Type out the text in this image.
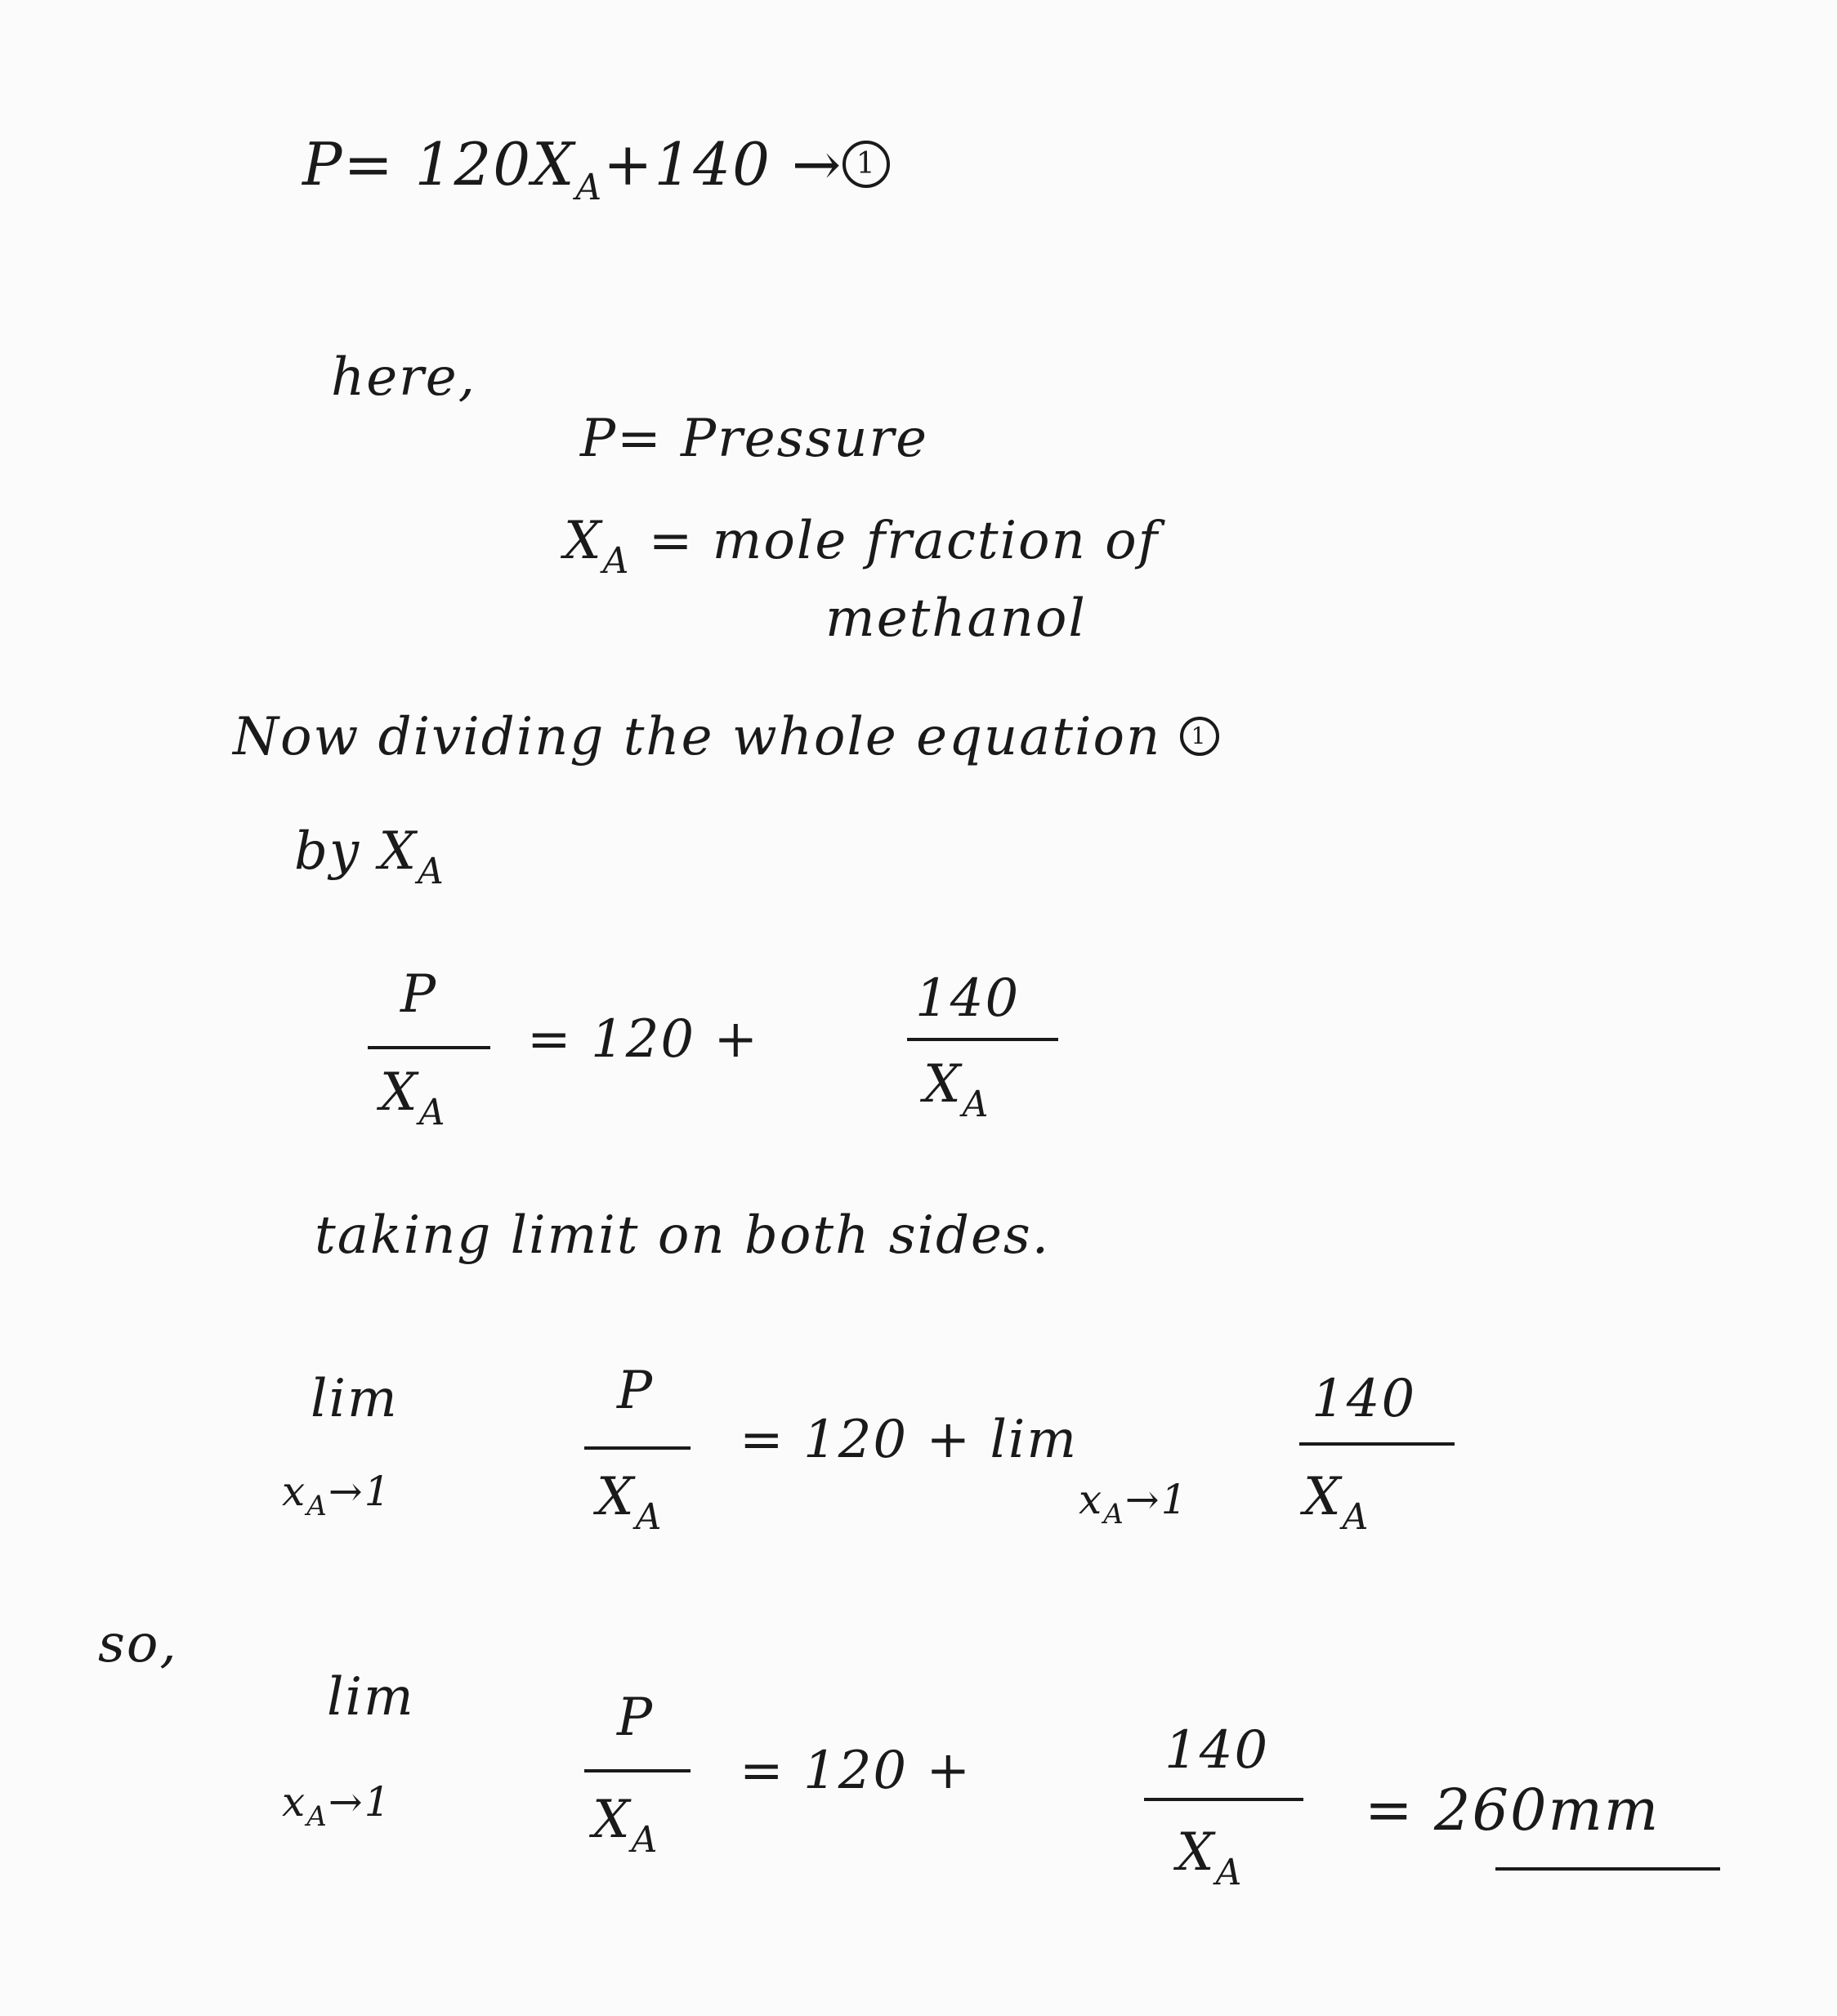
$P= 120X_A+140 \to 1$
here,
P= Pressure
$X_A$ = mole fraction of
methanol
Now dividing the whole equation 1
by $X_A$
P
$X_A$
= 120 +
140
$X_A$
taking limit on both sides.
lim
$x_A\to 1$
P
$X_A$
= 120 + lim
140
$x_A\to 1$ $X_A$
so,
lim
$x_A\to 1$
P
$X_A$
= 120 +	140
$X_A$
= 260mm
